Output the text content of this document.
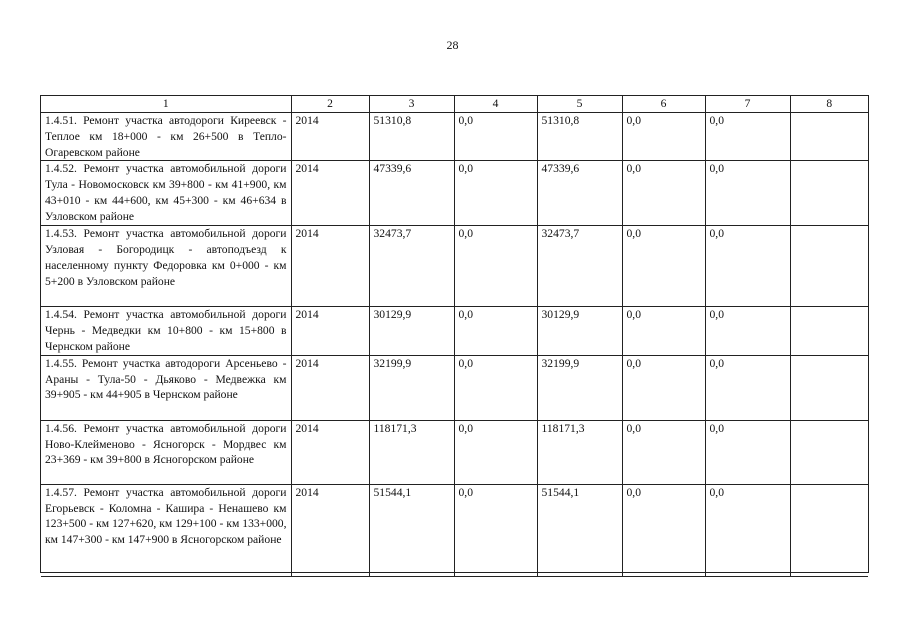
28
1	2	3	4	5	6	7	8
1.4.51. Ремонт участка автодороги Киреевск - Теплое км 18+000 - км 26+500 в Тепло-Огаревском районе	2014	51310,8	0,0	51310,8	0,0	0,0	
1.4.52. Ремонт участка автомобильной дороги Тула - Новомосковск км 39+800 - км 41+900, км 43+010 - км 44+600, км 45+300 - км 46+634 в Узловском районе	2014	47339,6	0,0	47339,6	0,0	0,0	
1.4.53. Ремонт участка автомобильной дороги Узловая - Богородицк - автоподъезд к населенному пункту Федоровка км 0+000 - км 5+200 в Узловском районе	2014	32473,7	0,0	32473,7	0,0	0,0	
1.4.54. Ремонт участка автомобильной дороги Чернь - Медведки км 10+800 - км 15+800 в Чернском районе	2014	30129,9	0,0	30129,9	0,0	0,0	
1.4.55. Ремонт участка автодороги Арсеньево - Араны - Тула-50 - Дьяково - Медвежка км 39+905 - км 44+905 в Чернском районе	2014	32199,9	0,0	32199,9	0,0	0,0	
1.4.56. Ремонт участка автомобильной дороги Ново-Клейменово - Ясногорск - Мордвес км 23+369 - км 39+800 в Ясногорском районе	2014	118171,3	0,0	118171,3	0,0	0,0	
1.4.57. Ремонт участка автомобильной дороги Егорьевск - Коломна - Кашира - Ненашево км 123+500 - км 127+620, км 129+100 - км 133+000, км 147+300 - км 147+900 в Ясногорском районе	2014	51544,1	0,0	51544,1	0,0	0,0	
